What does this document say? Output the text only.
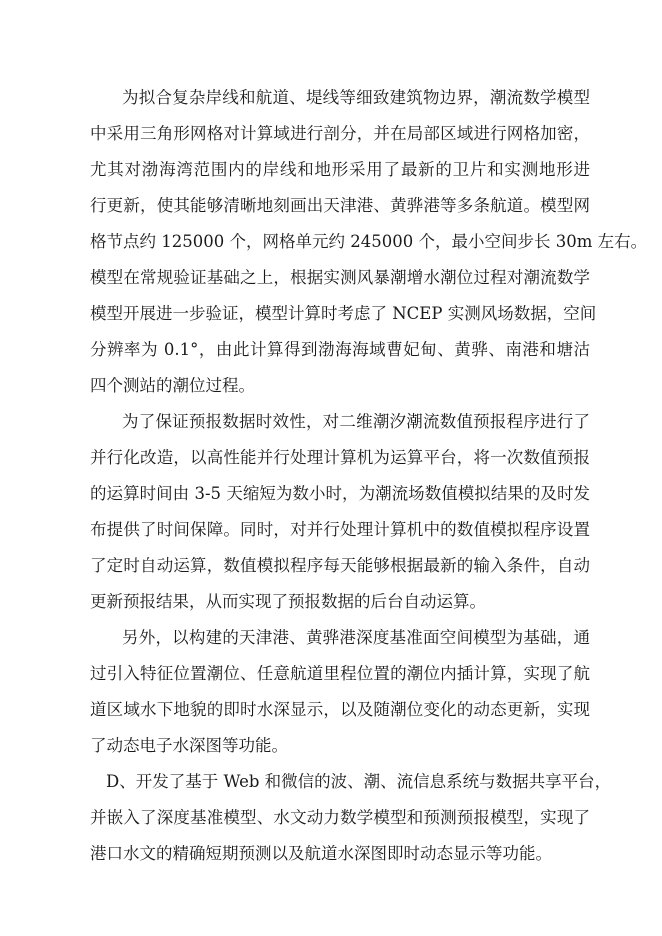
为拟合复杂岸线和航道、堤线等细致建筑物边界，潮流数学模型
中采用三角形网格对计算域进行剖分，并在局部区域进行网格加密，
尤其对渤海湾范围内的岸线和地形采用了最新的卫片和实测地形进
行更新，使其能够清晰地刻画出天津港、黄骅港等多条航道。模型网
格节点约 125000 个，网格单元约 245000 个，最小空间步长 30m 左右。
模型在常规验证基础之上，根据实测风暴潮增水潮位过程对潮流数学
模型开展进一步验证，模型计算时考虑了 NCEP 实测风场数据，空间
分辨率为 0.1°，由此计算得到渤海海域曹妃甸、黄骅、南港和塘沽
四个测站的潮位过程。
为了保证预报数据时效性，对二维潮汐潮流数值预报程序进行了
并行化改造，以高性能并行处理计算机为运算平台，将一次数值预报
的运算时间由 3-5 天缩短为数小时，为潮流场数值模拟结果的及时发
布提供了时间保障。同时，对并行处理计算机中的数值模拟程序设置
了定时自动运算，数值模拟程序每天能够根据最新的输入条件，自动
更新预报结果，从而实现了预报数据的后台自动运算。
另外，以构建的天津港、黄骅港深度基准面空间模型为基础，通
过引入特征位置潮位、任意航道里程位置的潮位内插计算，实现了航
道区域水下地貌的即时水深显示，以及随潮位变化的动态更新，实现
了动态电子水深图等功能。
D、开发了基于 Web 和微信的波、潮、流信息系统与数据共享平台，
并嵌入了深度基准模型、水文动力数学模型和预测预报模型，实现了
港口水文的精确短期预测以及航道水深图即时动态显示等功能。
